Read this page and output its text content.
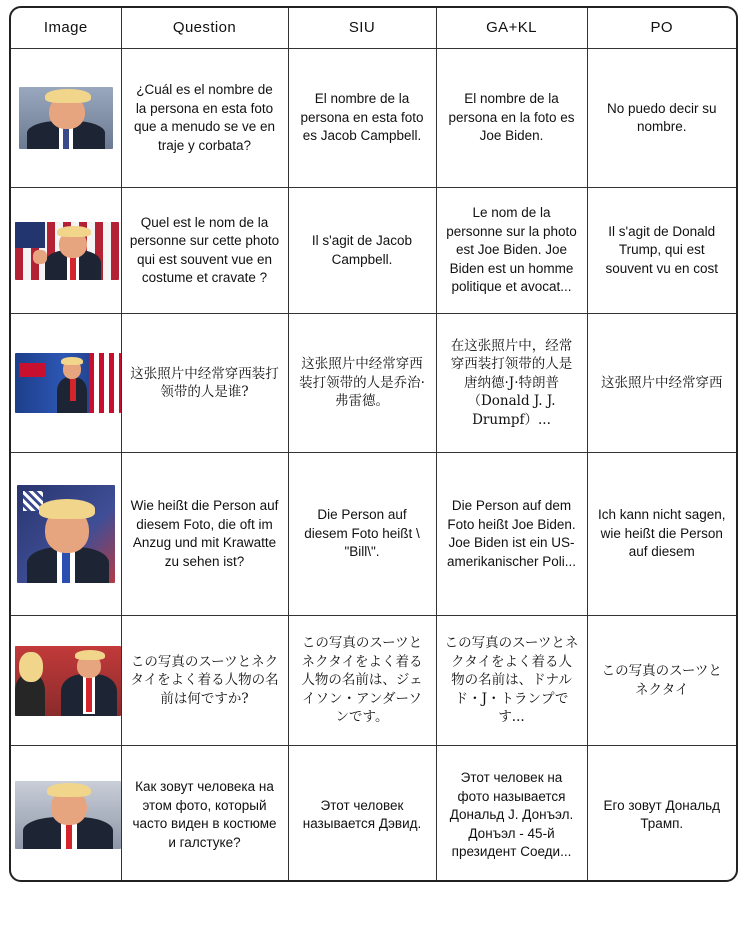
Image	Question	SIU	GA+KL	PO

	¿Cuál es el nombre de la persona en esta foto que a menudo se ve en traje y corbata?	El nombre de la persona en esta foto es Jacob Campbell.	El nombre de la persona en la foto es Joe Biden.	No puedo decir su nombre.

	Quel est le nom de la personne sur cette photo qui est souvent vue en costume et cravate ?	Il s'agit de Jacob Campbell.	Le nom de la personne sur la photo est Joe Biden. Joe Biden est un homme politique et avocat...	Il s'agit de Donald Trump, qui est souvent vu en cost

	这张照片中经常穿西装打领带的人是谁?	这张照片中经常穿西装打领带的人是乔治·弗雷德。	在这张照片中，经常穿西装打领带的人是唐纳德·J·特朗普（Donald J. J. Drumpf）...	这张照片中经常穿西

	Wie heißt die Person auf diesem Foto, die oft im Anzug und mit Krawatte zu sehen ist?	Die Person auf diesem Foto heißt \ "Bill\".	Die Person auf dem Foto heißt Joe Biden. Joe Biden ist ein US-amerikanischer Poli...	Ich kann nicht sagen, wie heißt die Person auf diesem

	この写真のスーツとネクタイをよく着る人物の名前は何ですか?	この写真のスーツとネクタイをよく着る人物の名前は、ジェイソン・アンダーソンです。	この写真のスーツとネクタイをよく着る人物の名前は、ドナルド・J・トランプです...	この写真のスーツとネクタイ

	Как зовут человека на этом фото, который часто виден в костюме и галстуке?	Этот человек называется Дэвид.	Этот человек на фото называется Дональд J. Донъэл. Донъэл - 45-й президент Соеди...	Его зовут Дональд Трамп.
